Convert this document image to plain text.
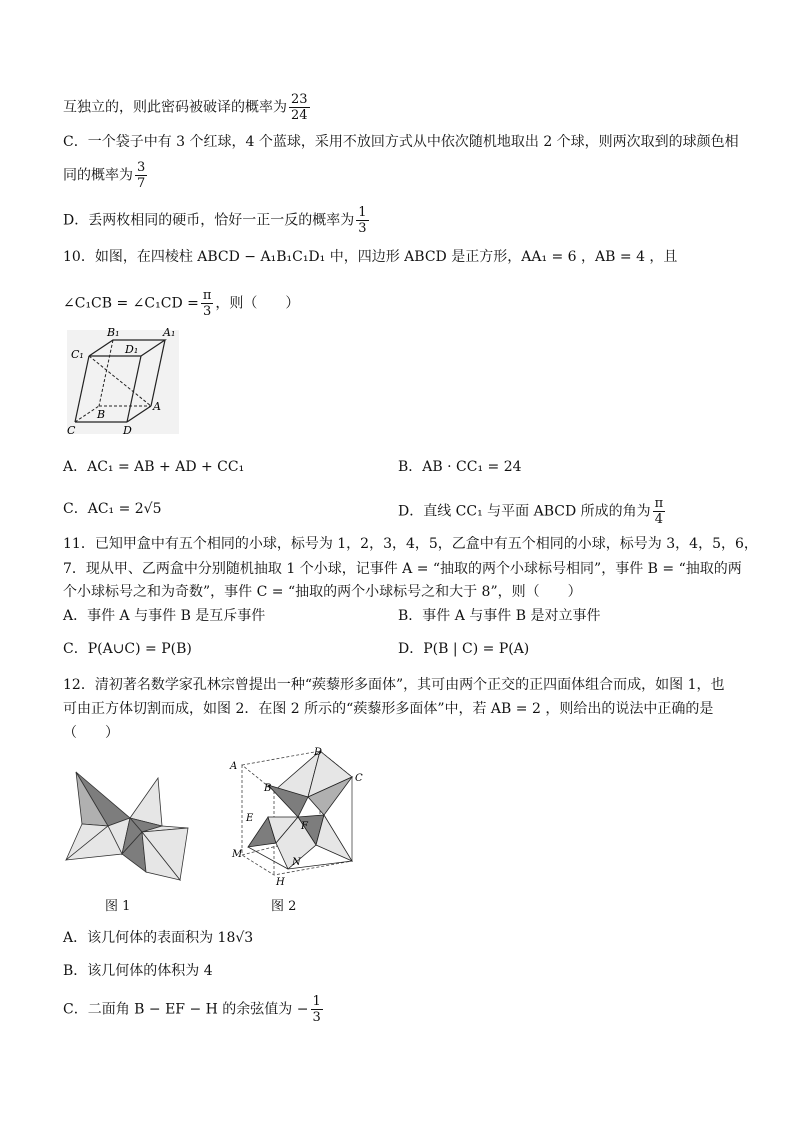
互独立的，则此密码被破译的概率为 $\frac{23}{24}$
C．一个袋子中有 3 个红球，4 个蓝球，采用不放回方式从中依次随机地取出 2 个球，则两次取到的球颜色相
同的概率为 $\frac{3}{7}$
D．丢两枚相同的硬币，恰好一正一反的概率为 $\frac{1}{3}$
10．如图，在四棱柱 ABCD − A₁B₁C₁D₁ 中，四边形 ABCD 是正方形，AA₁ = 6 ，AB = 4 ，且
∠C₁CB = ∠C₁CD = $\frac{\pi}{3}$ ，则（　　）
B₁	A₁
C₁	D₁
A
B
C	D
A．AC₁ = AB + AD + CC₁	B．AB · CC₁ = 24
C．AC₁ = 2√5	D．直线 CC₁ 与平面 ABCD 所成的角为 $\frac{\pi}{4}$
11．已知甲盒中有五个相同的小球，标号为 1，2，3，4，5，乙盒中有五个相同的小球，标号为 3，4，5，6，
7．现从甲、乙两盒中分别随机抽取 1 个小球，记事件 A = “抽取的两个小球标号相同”，事件 B = “抽取的两
个小球标号之和为奇数”，事件 C = “抽取的两个小球标号之和大于 8”，则（　　）
A．事件 A 与事件 B 是互斥事件	B．事件 A 与事件 B 是对立事件
C．P(A∪C) = P(B)	D．P(B | C) = P(A)
12．清初著名数学家孔林宗曾提出一种“蒺藜形多面体”，其可由两个正交的正四面体组合而成，如图 1，也
可由正方体切割而成，如图 2．在图 2 所示的“蒺藜形多面体”中，若 AB = 2 ，则给出的说法中正确的是
（　　）
图 1
A
D
C
B
E
F
M
N
H
图 2
A．该几何体的表面积为 18√3
B．该几何体的体积为 4
C．二面角 B − EF − H 的余弦值为 − $\frac{1}{3}$
